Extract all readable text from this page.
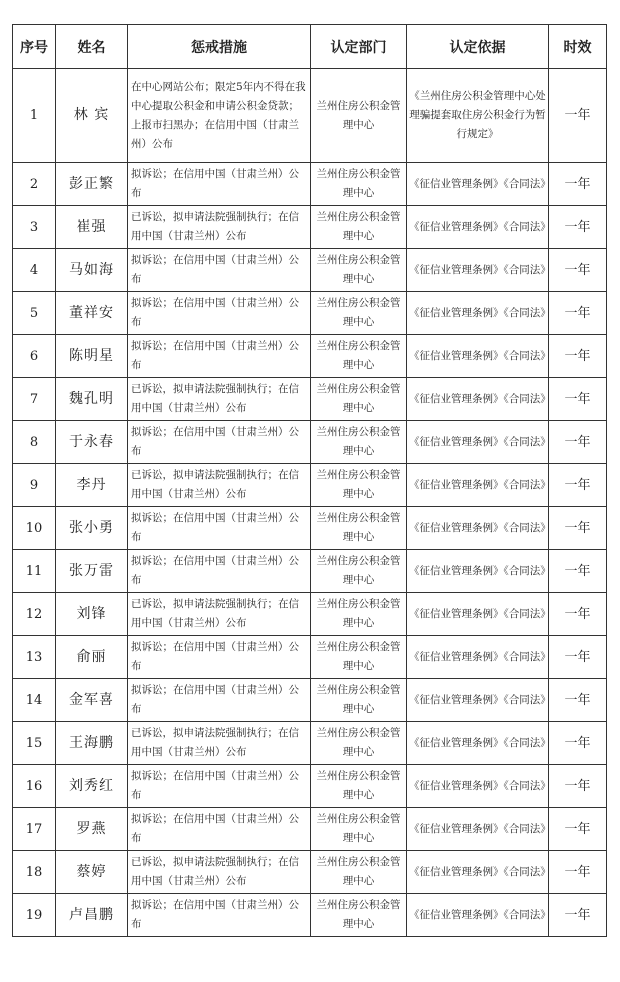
序号	姓名	惩戒措施	认定部门	认定依据	时效
1	林 宾	在中心网站公布；限定5年内不得在我中心提取公积金和申请公积金贷款；上报市扫黑办；在信用中国（甘肃兰州）公布	兰州住房公积金管理中心	《兰州住房公积金管理中心处理骗提套取住房公积金行为暂行规定》	一年
2	彭正繁	拟诉讼；在信用中国（甘肃兰州）公布	兰州住房公积金管理中心	《征信业管理条例》《合同法》	一年
3	崔强	已诉讼，拟申请法院强制执行；在信用中国（甘肃兰州）公布	兰州住房公积金管理中心	《征信业管理条例》《合同法》	一年
4	马如海	拟诉讼；在信用中国（甘肃兰州）公布	兰州住房公积金管理中心	《征信业管理条例》《合同法》	一年
5	董祥安	拟诉讼；在信用中国（甘肃兰州）公布	兰州住房公积金管理中心	《征信业管理条例》《合同法》	一年
6	陈明星	拟诉讼；在信用中国（甘肃兰州）公布	兰州住房公积金管理中心	《征信业管理条例》《合同法》	一年
7	魏孔明	已诉讼，拟申请法院强制执行；在信用中国（甘肃兰州）公布	兰州住房公积金管理中心	《征信业管理条例》《合同法》	一年
8	于永春	拟诉讼；在信用中国（甘肃兰州）公布	兰州住房公积金管理中心	《征信业管理条例》《合同法》	一年
9	李丹	已诉讼，拟申请法院强制执行；在信用中国（甘肃兰州）公布	兰州住房公积金管理中心	《征信业管理条例》《合同法》	一年
10	张小勇	拟诉讼；在信用中国（甘肃兰州）公布	兰州住房公积金管理中心	《征信业管理条例》《合同法》	一年
11	张万雷	拟诉讼；在信用中国（甘肃兰州）公布	兰州住房公积金管理中心	《征信业管理条例》《合同法》	一年
12	刘锋	已诉讼，拟申请法院强制执行；在信用中国（甘肃兰州）公布	兰州住房公积金管理中心	《征信业管理条例》《合同法》	一年
13	俞丽	拟诉讼；在信用中国（甘肃兰州）公布	兰州住房公积金管理中心	《征信业管理条例》《合同法》	一年
14	金军喜	拟诉讼；在信用中国（甘肃兰州）公布	兰州住房公积金管理中心	《征信业管理条例》《合同法》	一年
15	王海鹏	已诉讼，拟申请法院强制执行；在信用中国（甘肃兰州）公布	兰州住房公积金管理中心	《征信业管理条例》《合同法》	一年
16	刘秀红	拟诉讼；在信用中国（甘肃兰州）公布	兰州住房公积金管理中心	《征信业管理条例》《合同法》	一年
17	罗燕	拟诉讼；在信用中国（甘肃兰州）公布	兰州住房公积金管理中心	《征信业管理条例》《合同法》	一年
18	蔡婷	已诉讼，拟申请法院强制执行；在信用中国（甘肃兰州）公布	兰州住房公积金管理中心	《征信业管理条例》《合同法》	一年
19	卢昌鹏	拟诉讼；在信用中国（甘肃兰州）公布	兰州住房公积金管理中心	《征信业管理条例》《合同法》	一年
